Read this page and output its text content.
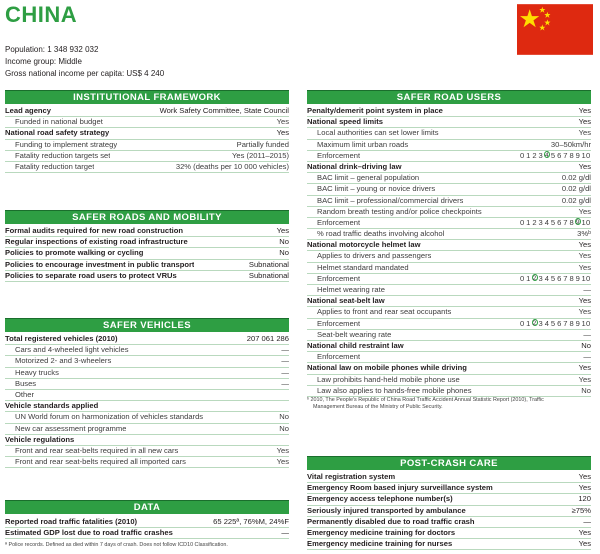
CHINA
Population: 1 348 932 032
Income group: Middle
Gross national income per capita: US$ 4 240
INSTITUTIONAL FRAMEWORK
Lead agency	Work Safety Committee, State Council
Funded in national budget	Yes
National road safety strategy	Yes
Funding to implement strategy	Partially funded
Fatality reduction targets set	Yes (2011–2015)
Fatality reduction target	32% (deaths per 10 000 vehicles)
SAFER ROADS AND MOBILITY
Formal audits required for new road construction	Yes
Regular inspections of existing road infrastructure	No
Policies to promote walking or cycling	No
Policies to encourage investment in public transport	Subnational
Policies to separate road users to protect VRUs	Subnational
SAFER VEHICLES
Total registered vehicles (2010)	207 061 286
Cars and 4-wheeled light vehicles	—
Motorized 2- and 3-wheelers	—
Heavy trucks	—
Buses	—
Other
Vehicle standards applied
UN World forum on harmonization of vehicles standards	No
New car assessment programme	No
Vehicle regulations
Front and rear seat-belts required in all new cars	Yes
Front and rear seat-belts required all imported cars	Yes
DATA
Reported road traffic fatalities (2010)	65 225ª, 76%M, 24%F
Estimated GDP lost due to road traffic crashes	—
ª Police records. Defined as died within 7 days of crash. Does not follow ICD10 Classification.
SAFER ROAD USERS
Penalty/demerit point system in place	Yes
National speed limits	Yes
Local authorities can set lower limits	Yes
Maximum limit urban roads	30–50km/hr
Enforcement	0 1 2 3 4 5 6 7 8 9 10
National drink–driving law	Yes
BAC limit – general population	0.02 g/dl
BAC limit – young or novice drivers	0.02 g/dl
BAC limit – professional/commercial drivers	0.02 g/dl
Random breath testing and/or police checkpoints	Yes
Enforcement	0 1 2 3 4 5 6 7 8 9 10
% road traffic deaths involving alcohol	3%ᵇ
National motorcycle helmet law	Yes
Applies to drivers and passengers	Yes
Helmet standard mandated	Yes
Enforcement	0 1 2 3 4 5 6 7 8 9 10
Helmet wearing rate	—
National seat-belt law	Yes
Applies to front and rear seat occupants	Yes
Enforcement	0 1 2 3 4 5 6 7 8 9 10
Seat-belt wearing rate	—
National child restraint law	No
Enforcement	—
National law on mobile phones while driving	Yes
Law prohibits hand-held mobile phone use	Yes
Law also applies to hands-free mobile phones	No
ᵇ 2010, The People's Republic of China Road Traffic Accident Annual Statistic Report (2010), Traffic
Management Bureau of the Ministry of Public Security.
POST-CRASH CARE
Vital registration system	Yes
Emergency Room based injury surveillance system	Yes
Emergency access telephone number(s)	120
Seriously injured transported by ambulance	≥75%
Permanently disabled due to road traffic crash	—
Emergency medicine training for doctors	Yes
Emergency medicine training for nurses	Yes
